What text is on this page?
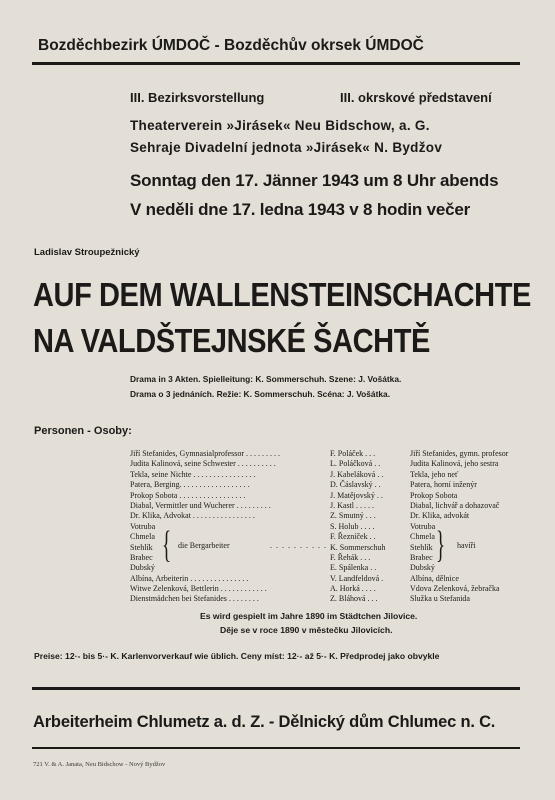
Bozděchbezirk ÚMDOČ - Bozděchův okrsek ÚMDOČ
III. Bezirksvorstellung	III. okrskové představení
Theaterverein »Jirásek« Neu Bidschow, a. G.
Sehraje Divadelní jednota »Jirásek« N. Bydžov
Sonntag den 17. Jänner 1943 um 8 Uhr abends
V neděli dne 17. ledna 1943 v 8 hodin večer
Ladislav Stroupežnický
AUF DEM WALLENSTEINSCHACHTE
NA VALDŠTEJNSKÉ ŠACHTĚ
Drama in 3 Akten. Spielleitung: K. Sommerschuh. Szene: J. Vošátka.
Drama o 3 jednáních. Režie: K. Sommerschuh. Scéna: J. Vošátka.
Personen - Osoby:
Jiří Stefanides, Gymnasialprofessor . . . . . . . . .
Judita Kalinová, seine Schwester . . . . . . . . . .
Tekla, seine Nichte . . . . . . . . . . . . . . . .
Patera, Berging. . . . . . . . . . . . . . . . . .
Prokop Sobota . . . . . . . . . . . . . . . . .
Diabal, Vermittler und Wucherer . . . . . . . . .
Dr. Klika, Advokat . . . . . . . . . . . . . . . .
Votruba
Chmela
Stehlík
Brabec
Dubský
Albína, Arbeiterin . . . . . . . . . . . . . . .
Witwe Zelenková, Bettlerin . . . . . . . . . . . .
Dienstmädchen bei Stefanides . . . . . . . .
{ die Bergarbeiter	. . . . . . . . . .
F. Poláček . . .
L. Poláčková . .
J. Kabeláková . .
D. Čáslavský . .
J. Matějovský . .
J. Kastl . . . . .
Z. Smutný . . .
S. Holub . . . .
F. Řezníček . .
K. Sommerschuh
F. Řehák . . .
E. Spálenka . .
V. Landfeldová .
A. Horká . . . .
Z. Bláhová . . .
Jiří Stefanides, gymn. profesor
Judita Kalinová, jeho sestra
Tekla, jeho neť
Patera, horní inženýr
Prokop Sobota
Diabal, lichvář a dohazovač
Dr. Klika, advokát
Votruba
Chmela
Stehlík
Brabec
Dubský
Albína, dělnice
Vdova Zelenková, žebračka
Služka u Stefanida
} havíři
Es wird gespielt im Jahre 1890 im Städtchen Jilovice.
Děje se v roce 1890 v městečku Jilovicích.
Preise: 12·- bis 5·- K. Karlenvorverkauf wie üblich. Ceny míst: 12·- až 5·- K. Předprodej jako obvykle
Arbeiterheim Chlumetz a. d. Z. - Dělnický dům Chlumec n. C.
721 V. & A. Janata, Neu Bidschow - Nový Bydžov
